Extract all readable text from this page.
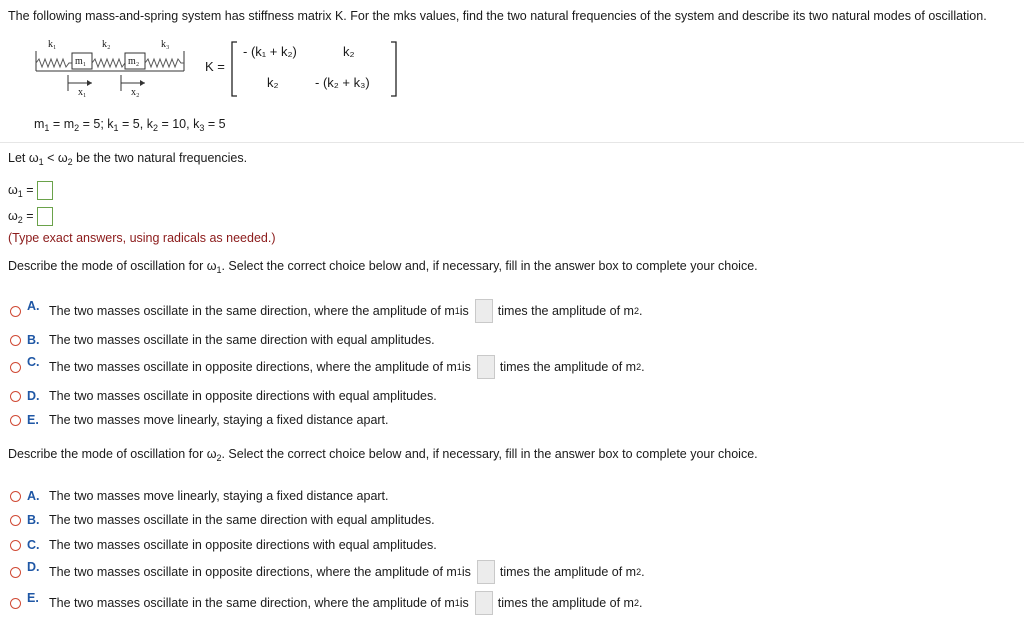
The following mass-and-spring system has stiffness matrix K. For the mks values, find the two natural frequencies of the system and describe its two natural modes of oscillation.
k₁	k₂	k₃
m₁	m₂
x₁	x₂
K =
- (k₁ + k₂)	k₂
k₂	- (k₂ + k₃)
$m_1 = m_2 = 5$; $k_1 = 5$, $k_2 = 10$, $k_3 = 5$
Let $\omega_1 < \omega_2$ be the two natural frequencies.
$\omega_1$ =
$\omega_2$ =
(Type exact answers, using radicals as needed.)
Describe the mode of oscillation for $\omega_1$. Select the correct choice below and, if necessary, fill in the answer box to complete your choice.
A. The two masses oscillate in the same direction, where the amplitude of m 1 is times the amplitude of m 2 .
B. The two masses oscillate in the same direction with equal amplitudes.
C. The two masses oscillate in opposite directions, where the amplitude of m 1 is times the amplitude of m 2 .
D. The two masses oscillate in opposite directions with equal amplitudes.
E. The two masses move linearly, staying a fixed distance apart.
Describe the mode of oscillation for $\omega_2$. Select the correct choice below and, if necessary, fill in the answer box to complete your choice.
A. The two masses move linearly, staying a fixed distance apart.
B. The two masses oscillate in the same direction with equal amplitudes.
C. The two masses oscillate in opposite directions with equal amplitudes.
D. The two masses oscillate in opposite directions, where the amplitude of m 1 is times the amplitude of m 2 .
E. The two masses oscillate in the same direction, where the amplitude of m 1 is times the amplitude of m 2 .
